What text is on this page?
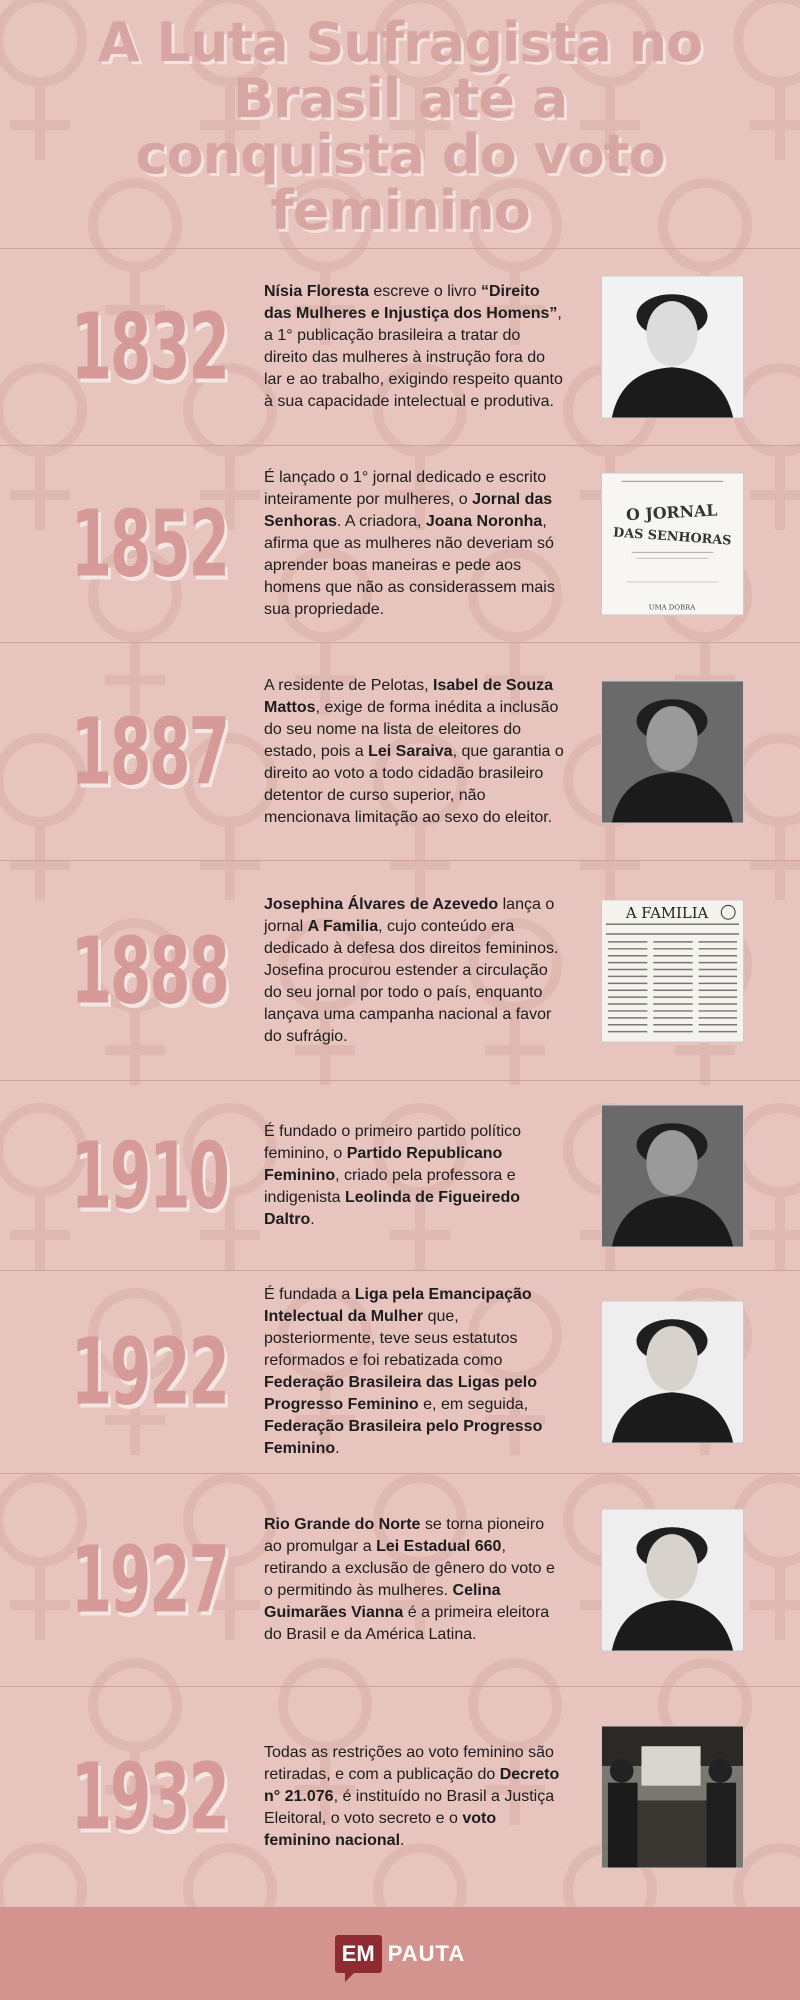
A Luta Sufragista no Brasil até a conquista do voto feminino
1832
Nísia Floresta escreve o livro “Direito das Mulheres e Injustiça dos Homens”, a 1° publicação brasileira a tratar do direito das mulheres à instrução fora do lar e ao trabalho, exigindo respeito quanto à sua capacidade intelectual e produtiva.
1852
É lançado o 1° jornal dedicado e escrito inteiramente por mulheres, o Jornal das Senhoras. A criadora, Joana Noronha, afirma que as mulheres não deveriam só aprender boas maneiras e pede aos homens que não as considerassem mais sua propriedade.
O JORNAL
DAS SENHORAS
UMA DOBRA
1887
A residente de Pelotas, Isabel de Souza Mattos, exige de forma inédita a inclusão do seu nome na lista de eleitores do estado, pois a Lei Saraiva, que garantia o direito ao voto a todo cidadão brasileiro detentor de curso superior, não mencionava limitação ao sexo do eleitor.
1888
Josephina Álvares de Azevedo lança o jornal A Familia, cujo conteúdo era dedicado à defesa dos direitos femininos. Josefina procurou estender a circulação do seu jornal por todo o país, enquanto lançava uma campanha nacional a favor do sufrágio.
A FAMILIA
1910 É fundado o primeiro partido político feminino, o Partido Republicano Feminino, criado pela professora e indigenista Leolinda de Figueiredo Daltro.
1922
É fundada a Liga pela Emancipação Intelectual da Mulher que, posteriormente, teve seus estatutos reformados e foi rebatizada como Federação Brasileira das Ligas pelo Progresso Feminino e, em seguida, Federação Brasileira pelo Progresso Feminino.
1927
Rio Grande do Norte se torna pioneiro ao promulgar a Lei Estadual 660, retirando a exclusão de gênero do voto e o permitindo às mulheres. Celina Guimarães Vianna é a primeira eleitora do Brasil e da América Latina.
1932 Todas as restrições ao voto feminino são retiradas, e com a publicação do Decreto n° 21.076, é instituído no Brasil a Justiça Eleitoral, o voto secreto e o voto feminino nacional.
EM PAUTA
